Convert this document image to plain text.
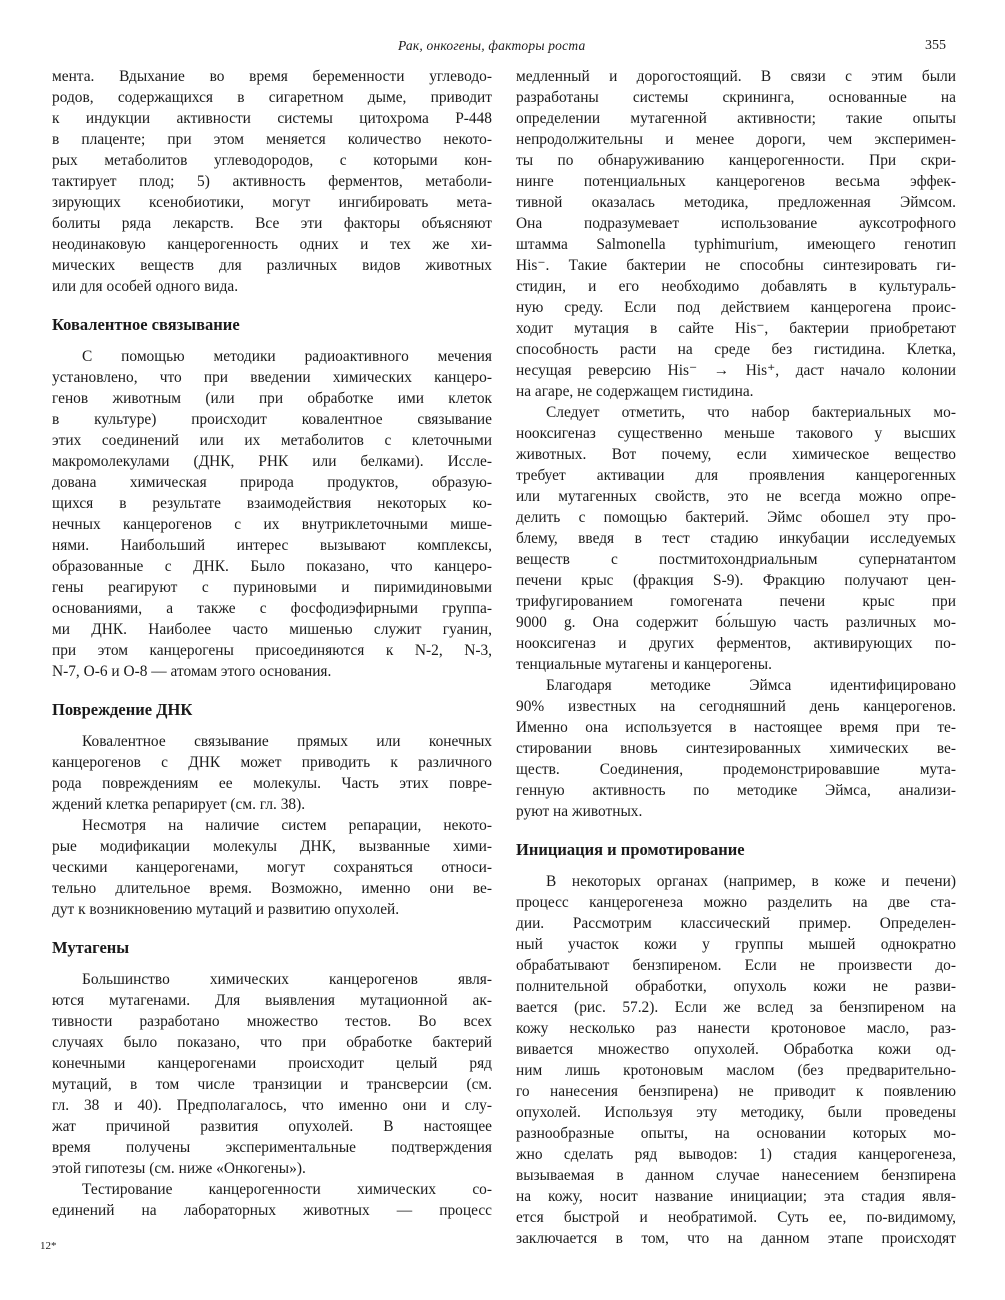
Рак, онкогены, факторы роста	355
мента. Вдыхание во время беременности углеводо-
родов, содержащихся в сигаретном дыме, приводит
к индукции активности системы цитохрома P-448
в плаценте; при этом меняется количество некото-
рых метаболитов углеводородов, с которыми кон-
тактирует плод; 5) активность ферментов, метаболи-
зирующих ксенобиотики, могут ингибировать мета-
болиты ряда лекарств. Все эти факторы объясняют
неодинаковую канцерогенность одних и тех же хи-
мических веществ для различных видов животных
или для особей одного вида.
Ковалентное связывание
С помощью методики радиоактивного мечения
установлено, что при введении химических канцеро-
генов животным (или при обработке ими клеток
в культуре) происходит ковалентное связывание
этих соединений или их метаболитов с клеточными
макромолекулами (ДНК, РНК или белками). Иссле-
дована химическая природа продуктов, образую-
щихся в результате взаимодействия некоторых ко-
нечных канцерогенов с их внутриклеточными мише-
нями. Наибольший интерес вызывают комплексы,
образованные с ДНК. Было показано, что канцеро-
гены реагируют с пуриновыми и пиримидиновыми
основаниями, а также с фосфодиэфирными группа-
ми ДНК. Наиболее часто мишенью служит гуанин,
при этом канцерогены присоединяются к N-2, N-3,
N-7, O-6 и O-8 — атомам этого основания.
Повреждение ДНК
Ковалентное связывание прямых или конечных
канцерогенов с ДНК может приводить к различного
рода повреждениям ее молекулы. Часть этих повре-
ждений клетка репарирует (см. гл. 38).
Несмотря на наличие систем репарации, некото-
рые модификации молекулы ДНК, вызванные хими-
ческими канцерогенами, могут сохраняться относи-
тельно длительное время. Возможно, именно они ве-
дут к возникновению мутаций и развитию опухолей.
Мутагены
Большинство химических канцерогенов явля-
ются мутагенами. Для выявления мутационной ак-
тивности разработано множество тестов. Во всех
случаях было показано, что при обработке бактерий
конечными канцерогенами происходит целый ряд
мутаций, в том числе транзиции и трансверсии (см.
гл. 38 и 40). Предполагалось, что именно они и слу-
жат причиной развития опухолей. В настоящее
время получены экспериментальные подтверждения
этой гипотезы (см. ниже «Онкогены»).
Тестирование канцерогенности химических со-
единений на лабораторных животных — процесс
медленный и дорогостоящий. В связи с этим были
разработаны системы скрининга, основанные на
определении мутагенной активности; такие опыты
непродолжительны и менее дороги, чем эксперимен-
ты по обнаруживанию канцерогенности. При скри-
нинге потенциальных канцерогенов весьма эффек-
тивной оказалась методика, предложенная Эймсом.
Она подразумевает использование ауксотрофного
штамма Salmonella typhimurium, имеющего генотип
His⁻. Такие бактерии не способны синтезировать ги-
стидин, и его необходимо добавлять в культураль-
ную среду. Если под действием канцерогена проис-
ходит мутация в сайте His⁻, бактерии приобретают
способность расти на среде без гистидина. Клетка,
несущая реверсию His⁻ → His⁺, даст начало колонии
на агаре, не содержащем гистидина.
Следует отметить, что набор бактериальных мо-
нооксигеназ существенно меньше такового у высших
животных. Вот почему, если химическое вещество
требует активации для проявления канцерогенных
или мутагенных свойств, это не всегда можно опре-
делить с помощью бактерий. Эймс обошел эту про-
блему, введя в тест стадию инкубации исследуемых
веществ с постмитохондриальным супернатантом
печени крыс (фракция S-9). Фракцию получают цен-
трифугированием гомогената печени крыс при
9000 g. Она содержит бо́льшую часть различных мо-
нооксигеназ и других ферментов, активирующих по-
тенциальные мутагены и канцерогены.
Благодаря методике Эймса идентифицировано
90% известных на сегодняшний день канцерогенов.
Именно она используется в настоящее время при те-
стировании вновь синтезированных химических ве-
ществ. Соединения, продемонстрировавшие мута-
генную активность по методике Эймса, анализи-
руют на животных.
Инициация и промотирование
В некоторых органах (например, в коже и печени)
процесс канцерогенеза можно разделить на две ста-
дии. Рассмотрим классический пример. Определен-
ный участок кожи у группы мышей однократно
обрабатывают бензпиреном. Если не произвести до-
полнительной обработки, опухоль кожи не разви-
вается (рис. 57.2). Если же вслед за бензпиреном на
кожу несколько раз нанести кротоновое масло, раз-
вивается множество опухолей. Обработка кожи од-
ним лишь кротоновым маслом (без предварительно-
го нанесения бензпирена) не приводит к появлению
опухолей. Используя эту методику, были проведены
разнообразные опыты, на основании которых мо-
жно сделать ряд выводов: 1) стадия канцерогенеза,
вызываемая в данном случае нанесением бензпирена
на кожу, носит название инициации; эта стадия явля-
ется быстрой и необратимой. Суть ее, по-видимому,
заключается в том, что на данном этапе происходят
12*
